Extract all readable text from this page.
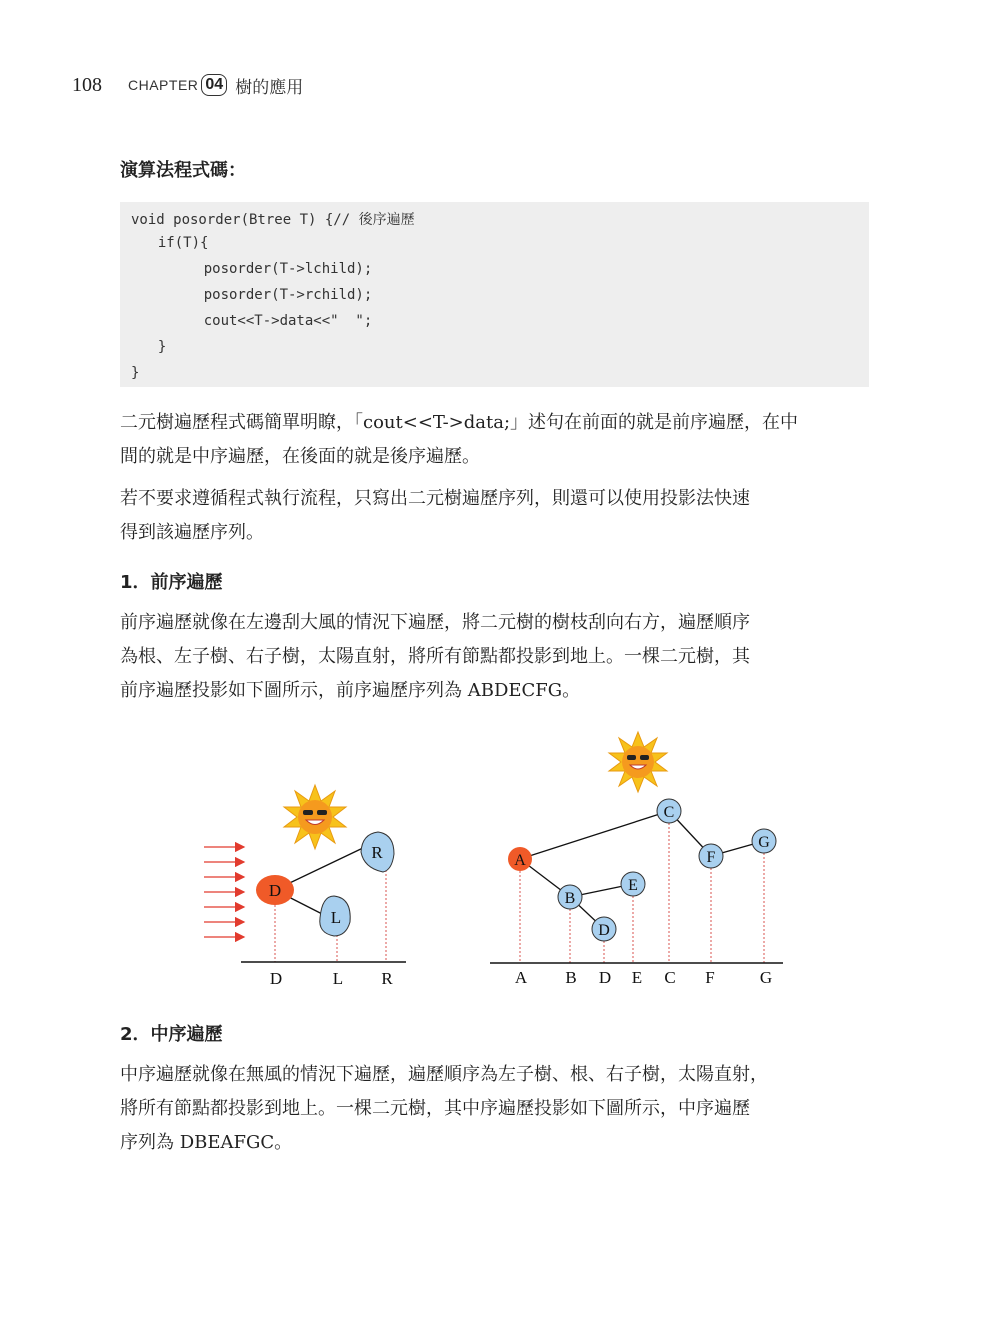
108 CHAPTER 04 樹的應用
演算法程式碼：
void posorder(Btree T) {// 後序遍歷
if(T){
posorder(T->lchild);
posorder(T->rchild);
cout<<T->data<<"  ";
}
}
二元樹遍歷程式碼簡單明瞭，「cout<<T->data;」述句在前面的就是前序遍歷，在中
間的就是中序遍歷，在後面的就是後序遍歷。
若不要求遵循程式執行流程，只寫出二元樹遍歷序列，則還可以使用投影法快速
得到該遍歷序列。
1．前序遍歷
前序遍歷就像在左邊刮大風的情況下遍歷，將二元樹的樹枝刮向右方，遍歷順序
為根、左子樹、右子樹，太陽直射，將所有節點都投影到地上。一棵二元樹，其
前序遍歷投影如下圖所示，前序遍歷序列為 ABDECFG。
D
L
R
D	L R
C
A	F
G
B
E
D
A B D E C F	G
2．中序遍歷
中序遍歷就像在無風的情況下遍歷，遍歷順序為左子樹、根、右子樹，太陽直射，
將所有節點都投影到地上。一棵二元樹，其中序遍歷投影如下圖所示，中序遍歷
序列為 DBEAFGC。
